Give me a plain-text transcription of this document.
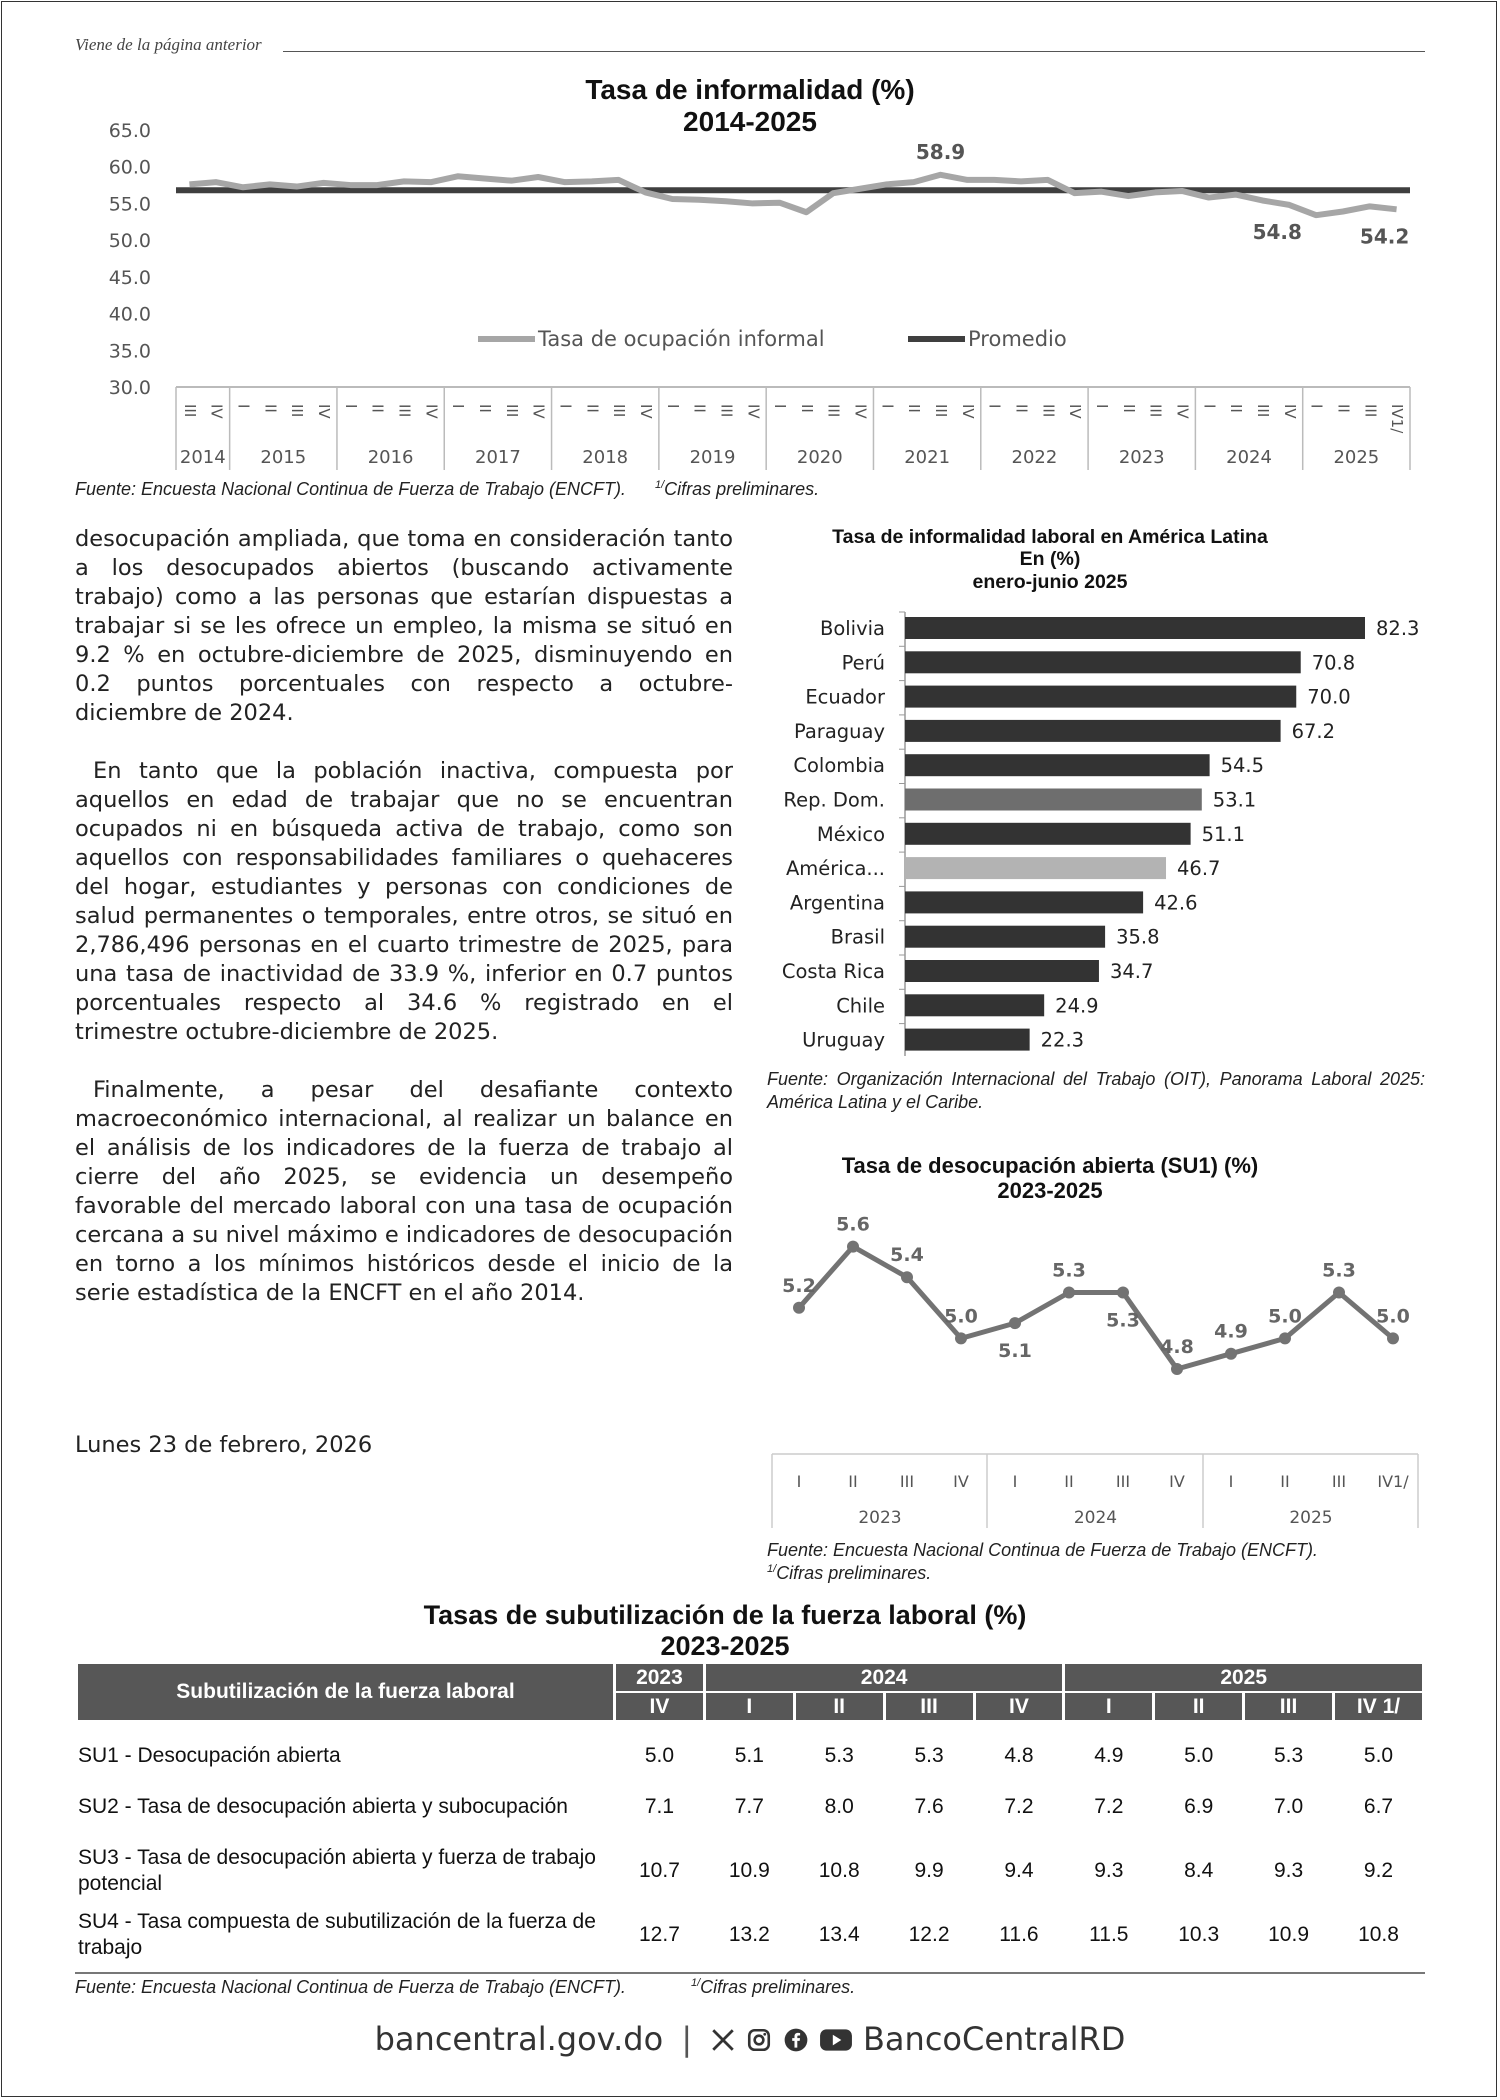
Viene de la página anterior
Tasa de informalidad (%)
2014-2025
65.0
60.0
55.0
50.0
45.0
40.0
35.0
30.0
III IV
2014
I II III IV
2015
I II III IV
2016
I II III IV
2017
I II III IV
2018
I II III IV
2019
I II III IV
2020
I II III IV
2021
I II III IV
2022
I II III IV
2023
I II III IV
2024
I II III IV1/
2025
58.9
54.8	54.2
Tasa de ocupación informal	Promedio
Fuente: Encuesta Nacional Continua de Fuerza de Trabajo (ENCFT).	$^{1/}$Cifras preliminares.

desocupación ampliada, que toma en consideración tanto a los desocupados abiertos (buscando activamente trabajo) como a las personas que estarían dispuestas a trabajar si se les ofrece un empleo, la misma se situó en 9.2 % en octubre-diciembre de 2025, disminuyendo en 0.2 puntos porcentuales con respecto a octubre-diciembre de 2024.

En tanto que la población inactiva, compuesta por aquellos en edad de trabajar que no se encuentran ocupados ni en búsqueda activa de trabajo, como son aquellos con responsabilidades familiares o quehaceres del hogar, estudiantes y personas con condiciones de salud permanentes o temporales, entre otros, se situó en 2,786,496 personas en el cuarto trimestre de 2025, para una tasa de inactividad de 33.9 %, inferior en 0.7 puntos porcentuales respecto al 34.6 % registrado en el trimestre octubre-diciembre de 2025.

Finalmente, a pesar del desafiante contexto macroeconómico internacional, al realizar un balance en el análisis de los indicadores de la fuerza de trabajo al cierre del año 2025, se evidencia un desempeño favorable del mercado laboral con una tasa de ocupación cercana a su nivel máximo e indicadores de desocupación en torno a los mínimos históricos desde el inicio de la serie estadística de la ENCFT en el año 2014.

Lunes 23 de febrero, 2026
Tasa de informalidad laboral en América Latina
En (%)
enero-junio 2025
Bolivia	82.3
Perú	70.8
Ecuador	70.0
Paraguay	67.2
Colombia	54.5
Rep. Dom.	53.1
México	51.1
América...	46.7
Argentina	42.6
Brasil	35.8
Costa Rica	34.7
Chile	24.9
Uruguay	22.3
Fuente: Organización Internacional del Trabajo (OIT), Panorama Laboral 2025: América Latina y el Caribe.
Tasa de desocupación abierta (SU1) (%)
2023-2025
5.2
5.6
5.4
5.0
5.1
5.3
5.3
4.8
4.9
5.0
5.3
5.0
I	II	III IV	I	II	III IV	I	II	III IV1/
2023	2024	2025
Fuente: Encuesta Nacional Continua de Fuerza de Trabajo (ENCFT).
$^{1/}$Cifras preliminares.
Tasas de subutilización de la fuerza laboral (%)
2023-2025
Subutilización de la fuerza laboral	2023	2024				2025			
	IV	I	II	III	IV	I	II	III	IV 1/

SU1 - Desocupación abierta	5.0	5.1	5.3	5.3	4.8	4.9	5.0	5.3	5.0
SU2 - Tasa de desocupación abierta y subocupación	7.1	7.7	8.0	7.6	7.2	7.2	6.9	7.0	6.7
SU3 - Tasa de desocupación abierta y fuerza de trabajo potencial	10.7	10.9	10.8	9.9	9.4	9.3	8.4	9.3	9.2
SU4 - Tasa compuesta de subutilización de la fuerza de trabajo	12.7	13.2	13.4	12.2	11.6	11.5	10.3	10.9	10.8
Fuente: Encuesta Nacional Continua de Fuerza de Trabajo (ENCFT).	$^{1/}$Cifras preliminares.
bancentral.gov.do |	BancoCentralRD
